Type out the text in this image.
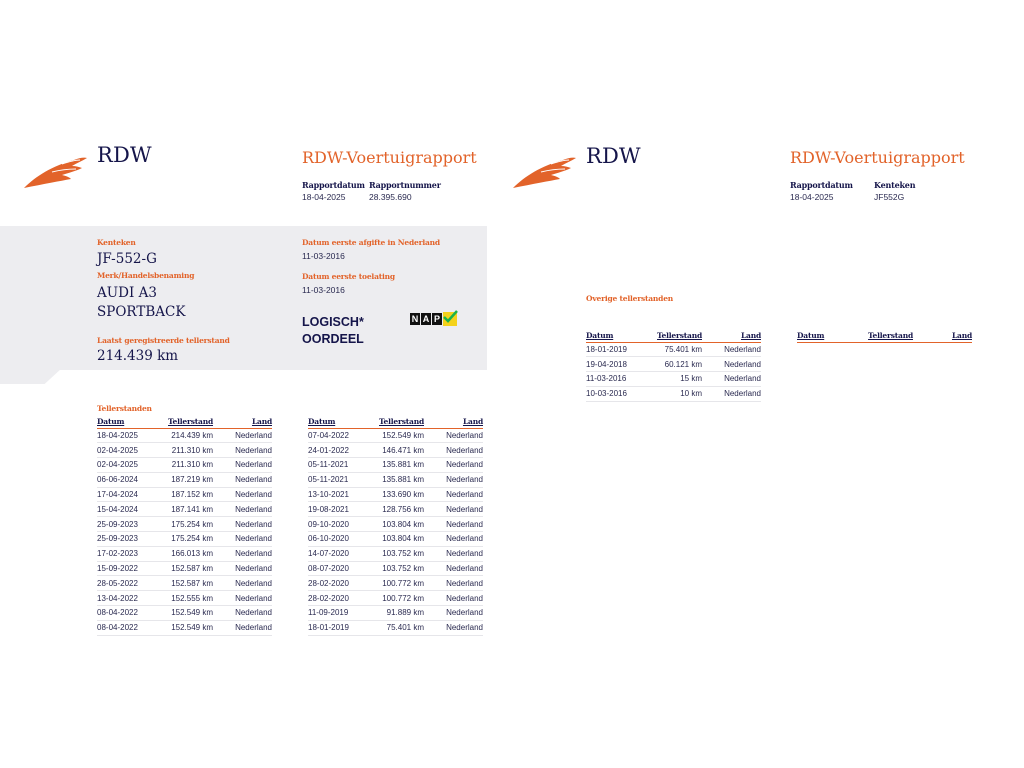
RDW	RDW-Voertuigrapport
Rapportdatum
18-04-2025
Rapportnummer
28.395.690
Kenteken
JF-552-G
Merk/Handelsbenaming
AUDI A3
SPORTBACK
Laatst geregistreerde tellerstand
214.439 km
Datum eerste afgifte in Nederland
11-03-2016
Datum eerste toelating
11-03-2016
LOGISCH*
OORDEEL
N A P
Tellerstanden
Datum	Tellerstand	Land
18-04-2025	214.439 km	Nederland
02-04-2025	211.310 km	Nederland
02-04-2025	211.310 km	Nederland
06-06-2024	187.219 km	Nederland
17-04-2024	187.152 km	Nederland
15-04-2024	187.141 km	Nederland
25-09-2023	175.254 km	Nederland
25-09-2023	175.254 km	Nederland
17-02-2023	166.013 km	Nederland
15-09-2022	152.587 km	Nederland
28-05-2022	152.587 km	Nederland
13-04-2022	152.555 km	Nederland
08-04-2022	152.549 km	Nederland
08-04-2022	152.549 km	Nederland
Datum	Tellerstand	Land
07-04-2022	152.549 km	Nederland
24-01-2022	146.471 km	Nederland
05-11-2021	135.881 km	Nederland
05-11-2021	135.881 km	Nederland
13-10-2021	133.690 km	Nederland
19-08-2021	128.756 km	Nederland
09-10-2020	103.804 km	Nederland
06-10-2020	103.804 km	Nederland
14-07-2020	103.752 km	Nederland
08-07-2020	103.752 km	Nederland
28-02-2020	100.772 km	Nederland
28-02-2020	100.772 km	Nederland
11-09-2019	91.889 km	Nederland
18-01-2019	75.401 km	Nederland
RDW	RDW-Voertuigrapport
Rapportdatum
18-04-2025
Kenteken
JF552G
Overige tellerstanden
Datum	Tellerstand	Land
18-01-2019	75.401 km	Nederland
19-04-2018	60.121 km	Nederland
11-03-2016	15 km	Nederland
10-03-2016	10 km	Nederland
Datum	Tellerstand	Land
